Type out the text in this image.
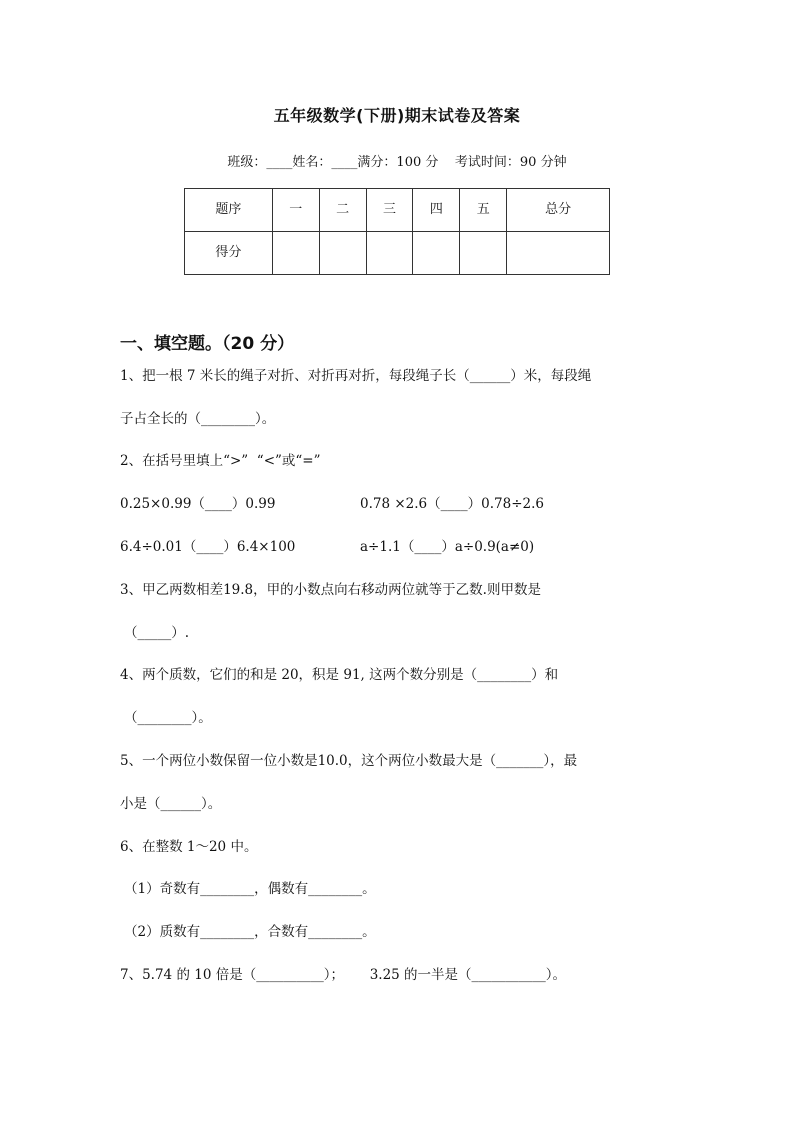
五年级数学(下册)期末试卷及答案
班级：____姓名：____满分：100 分    考试时间：90 分钟
题序	一	二	三	四	五	总分
得分						
一、填空题。（20 分）
1、把一根 7 米长的绳子对折、对折再对折，每段绳子长（______）米，每段绳
子占全长的（________）。
2、在括号里填上“>”  “<”或“=”
0.25×0.99（____）0.99	0.78 ×2.6（____）0.78÷2.6
6.4÷0.01（____）6.4×100	a÷1.1（____）a÷0.9(a≠0)
3、甲乙两数相差19.8，甲的小数点向右移动两位就等于乙数.则甲数是
（_____）.
4、两个质数，它们的和是 20，积是 91, 这两个数分别是（________）和
（________）。
5、一个两位小数保留一位小数是10.0，这个两位小数最大是（_______），最
小是（______）。
6、在整数 1～20 中。
（1）奇数有________，偶数有________。
（2）质数有________，合数有________。
7、5.74 的 10 倍是（__________）；      3.25 的一半是（___________）。
